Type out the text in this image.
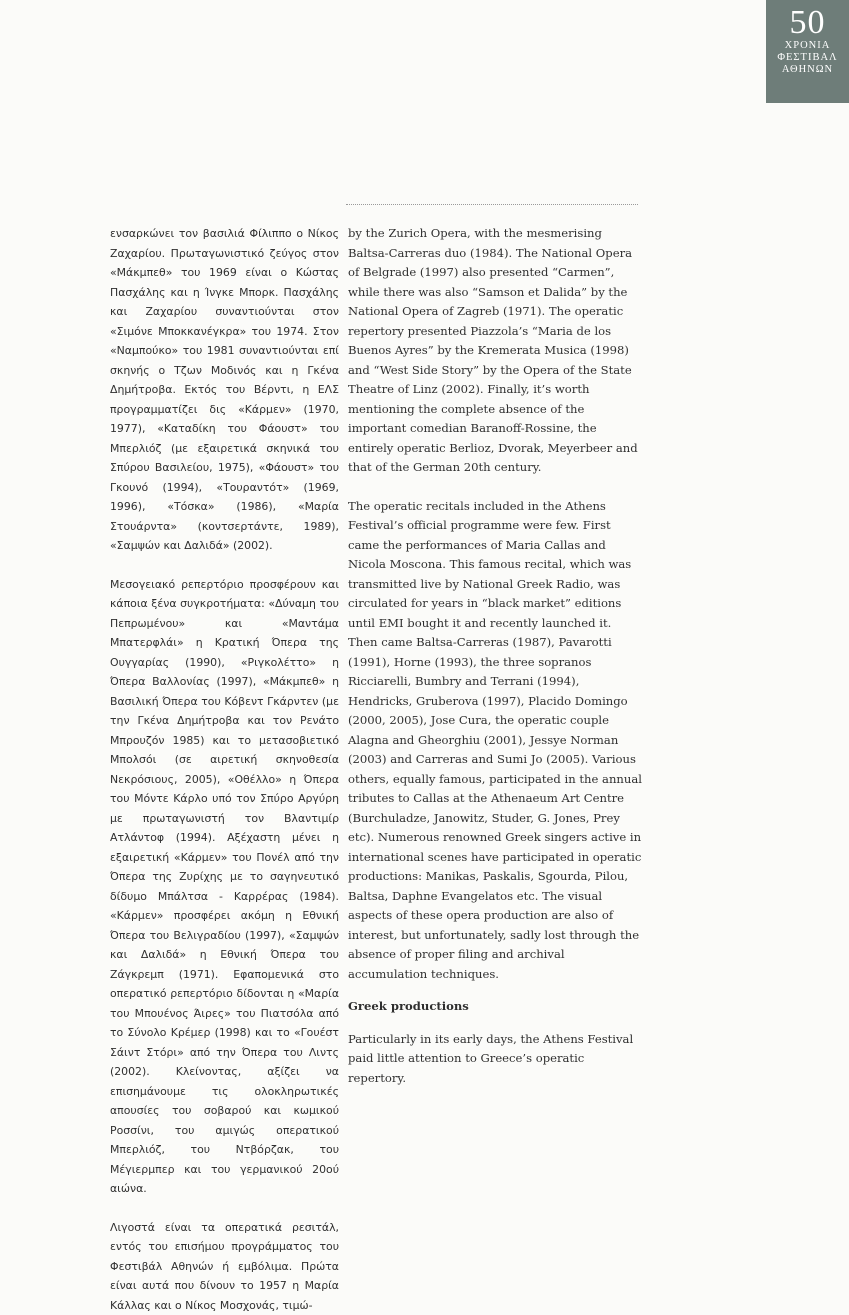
50
ΧΡΟΝΙΑ
ΦΕΣΤΙΒΑΛ
ΑΘΗΝΩΝ

ενσαρκώνει τον βασιλιά Φίλιππο ο Νίκος Ζαχαρίου. Πρωταγωνιστικό ζεύγος στον «Μάκμπεθ» του 1969 είναι ο Κώστας Πασχάλης και η Ίνγκε Μπορκ. Πασχάλης και Ζαχαρίου συναντιούνται στον «Σιμόνε Μποκκανέγκρα» του 1974. Στον «Ναμπούκο» του 1981 συναντιούνται επί σκηνής ο Τζων Μοδινός και η Γκένα Δημήτροβα. Εκτός του Βέρντι, η ΕΛΣ προγραμματίζει δις «Κάρμεν» (1970, 1977), «Καταδίκη του Φάουστ» του Μπερλιόζ (με εξαιρετικά σκηνικά του Σπύρου Βασιλείου, 1975), «Φάουστ» του Γκουνό (1994), «Τουραντότ» (1969, 1996), «Τόσκα» (1986), «Μαρία Στουάρντα» (κοντσερτάντε, 1989), «Σαμψών και Δαλιδά» (2002).

Μεσογειακό ρεπερτόριο προσφέρουν και κάποια ξένα συγκροτήματα: «Δύναμη του Πεπρωμένου» και «Μαντάμα Μπατερφλάι» η Κρατική Όπερα της Ουγγαρίας (1990), «Ριγκολέττο» η Όπερα Βαλλονίας (1997), «Μάκμπεθ» η Βασιλική Όπερα του Κόβεντ Γκάρντεν (με την Γκένα Δημήτροβα και τον Ρενάτο Μπρουζόν 1985) και το μετασοβιετικό Μπολσόι (σε αιρετική σκηνοθεσία Νεκρόσιους, 2005), «Οθέλλο» η Όπερα του Μόντε Κάρλο υπό τον Σπύρο Αργύρη με πρωταγωνιστή τον Βλαντιμίρ Ατλάντοφ (1994). Αξέχαστη μένει η εξαιρετική «Κάρμεν» του Πονέλ από την Όπερα της Ζυρίχης με το σαγηνευτικό δίδυμο Μπάλτσα - Καρρέρας (1984). «Κάρμεν» προσφέρει ακόμη η Εθνική Όπερα του Βελιγραδίου (1997), «Σαμψών και Δαλιδά» η Εθνική Όπερα του Ζάγκρεμπ (1971). Εφαπομενικά στο οπερατικό ρεπερτόριο δίδονται η «Μαρία του Μπουένος Άιρες» του Πιατσόλα από το Σύνολο Κρέμερ (1998) και το «Γουέστ Σάιντ Στόρι» από την Όπερα του Λιντς (2002). Κλείνοντας, αξίζει να επισημάνουμε τις ολοκληρωτικές απουσίες του σοβαρού και κωμικού Ροσσίνι, του αμιγώς οπερατικού Μπερλιόζ, του Ντβόρζακ, του Μέγιερμπερ και του γερμανικού 20ού αιώνα.

Λιγοστά είναι τα οπερατικά ρεσιτάλ, εντός του επισήμου προγράμματος του Φεστιβάλ Αθηνών ή εμβόλιμα. Πρώτα είναι αυτά που δίνουν το 1957 η Μαρία Κάλλας και ο Νίκος Μοσχονάς, τιμώ-

by the Zurich Opera, with the mesmerising Baltsa-Carreras duo (1984). The National Opera of Belgrade (1997) also presented “Carmen”, while there was also “Samson et Dalida” by the National Opera of Zagreb (1971). The operatic repertory presented Piazzola’s “Maria de los Buenos Ayres” by the Kremerata Musica (1998) and “West Side Story” by the Opera of the State Theatre of Linz (2002). Finally, it’s worth mentioning the complete absence of the important comedian Baranoff-Rossine, the entirely operatic Berlioz, Dvorak, Meyerbeer and that of the German 20th century.

The operatic recitals included in the Athens Festival’s official programme were few. First came the performances of Maria Callas and Nicola Moscona. This famous recital, which was transmitted live by National Greek Radio, was circulated for years in “black market” editions until EMI bought it and recently launched it. Then came Baltsa-Carreras (1987), Pavarotti (1991), Horne (1993), the three sopranos Ricciarelli, Bumbry and Terrani (1994), Hendricks, Gruberova (1997), Placido Domingo (2000, 2005), Jose Cura, the operatic couple Alagna and Gheorghiu (2001), Jessye Norman (2003) and Carreras and Sumi Jo (2005). Various others, equally famous, participated in the annual tributes to Callas at the Athenaeum Art Centre (Burchuladze, Janowitz, Studer, G. Jones, Prey etc). Numerous renowned Greek singers active in international scenes have participated in operatic productions: Manikas, Paskalis, Sgourda, Pilou, Baltsa, Daphne Evangelatos etc. The visual aspects of these opera production are also of interest, but unfortunately, sadly lost through the absence of proper filing and archival accumulation techniques.

Greek productions

Particularly in its early days, the Athens Festival paid little attention to Greece’s operatic repertory.
